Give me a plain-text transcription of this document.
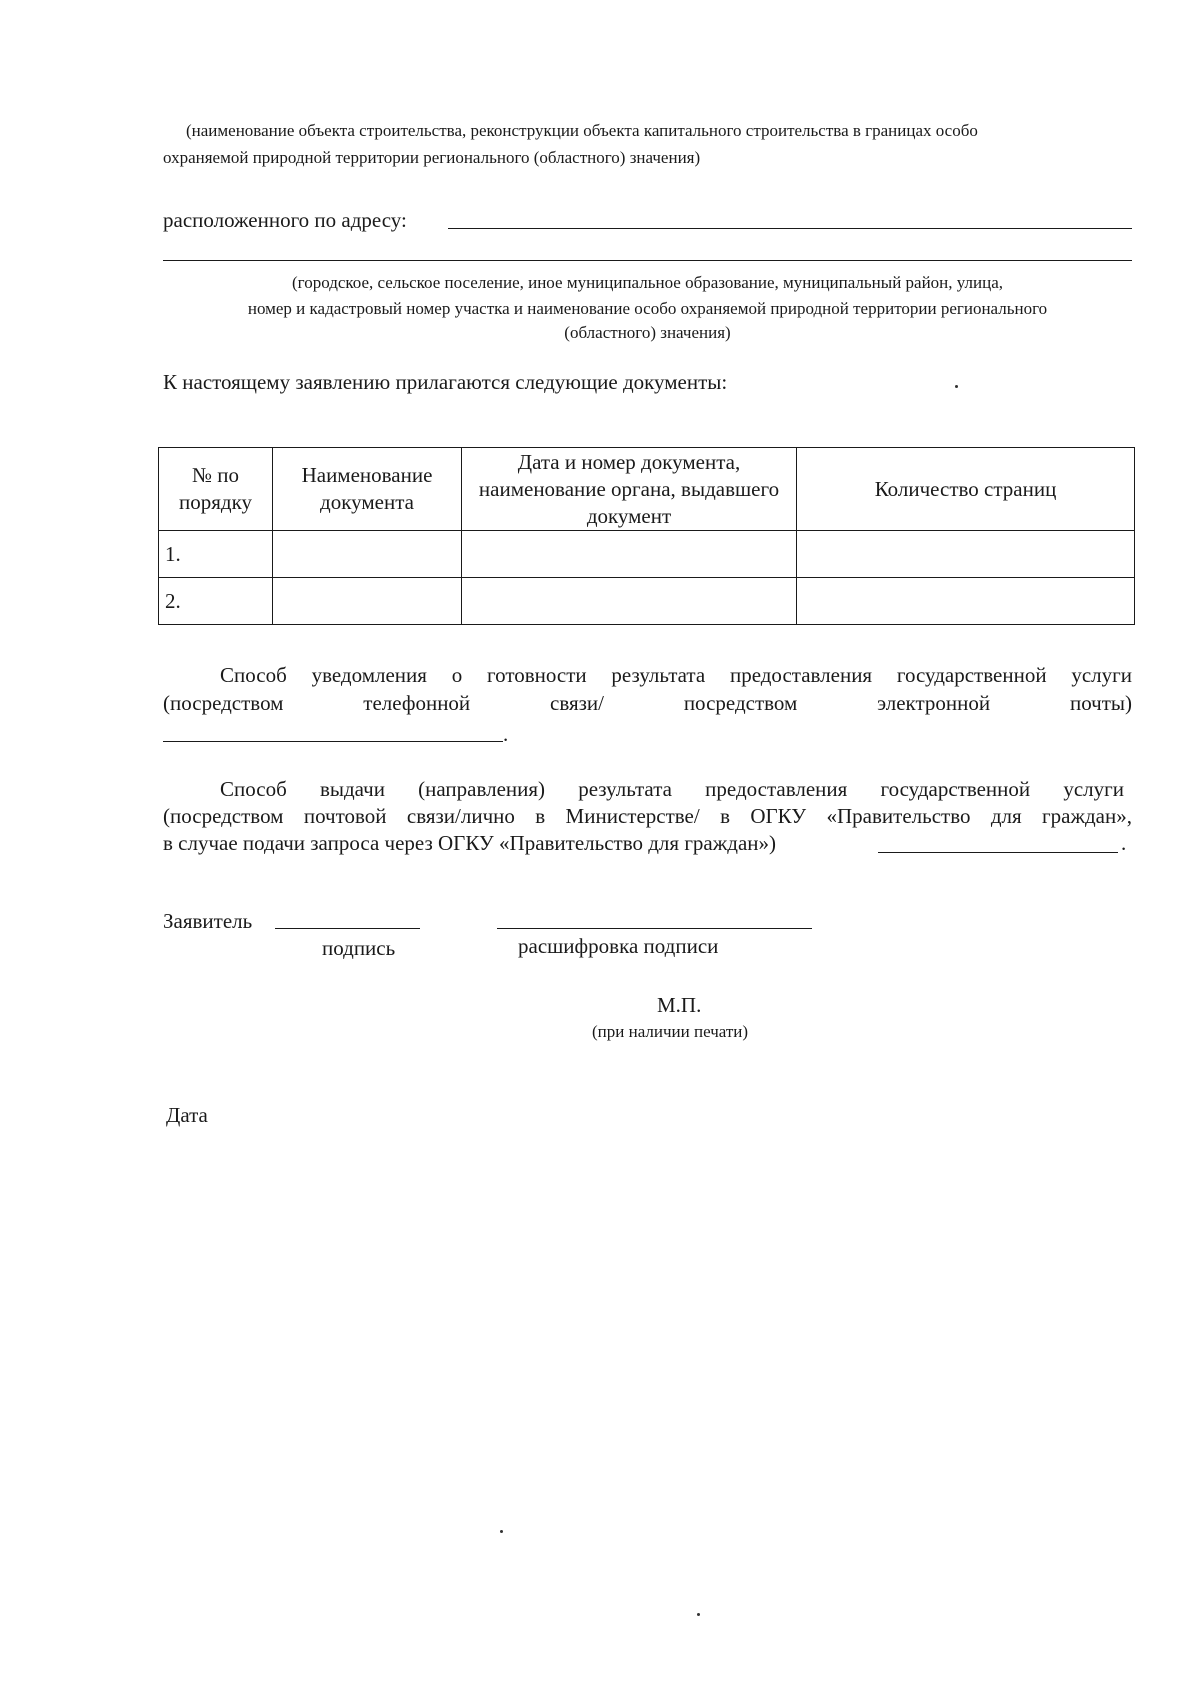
(наименование объекта строительства, реконструкции объекта капитального строительства в границах особо
охраняемой природной территории регионального (областного) значения)
расположенного по адресу:
(городское, сельское поселение, иное муниципальное образование, муниципальный район, улица,
номер и кадастровый номер участка и наименование особо охраняемой природной территории регионального
(областного) значения)
К настоящему заявлению прилагаются следующие документы:
№ по порядку	Наименование документа	Дата и номер документа, наименование органа, выдавшего документ	Количество страниц
1.			
2.			
Способ уведомления о готовности результата предоставления государственной услуги
(посредством телефонной связи/ посредством электронной почты)
.
Способ выдачи (направления) результата предоставления государственной услуги
(посредством почтовой связи/лично в Министерстве/ в ОГКУ «Правительство для граждан»,
в случае подачи запроса через ОГКУ «Правительство для граждан»)	.
Заявитель
подпись	расшифровка подписи
М.П.
(при наличии печати)
Дата
